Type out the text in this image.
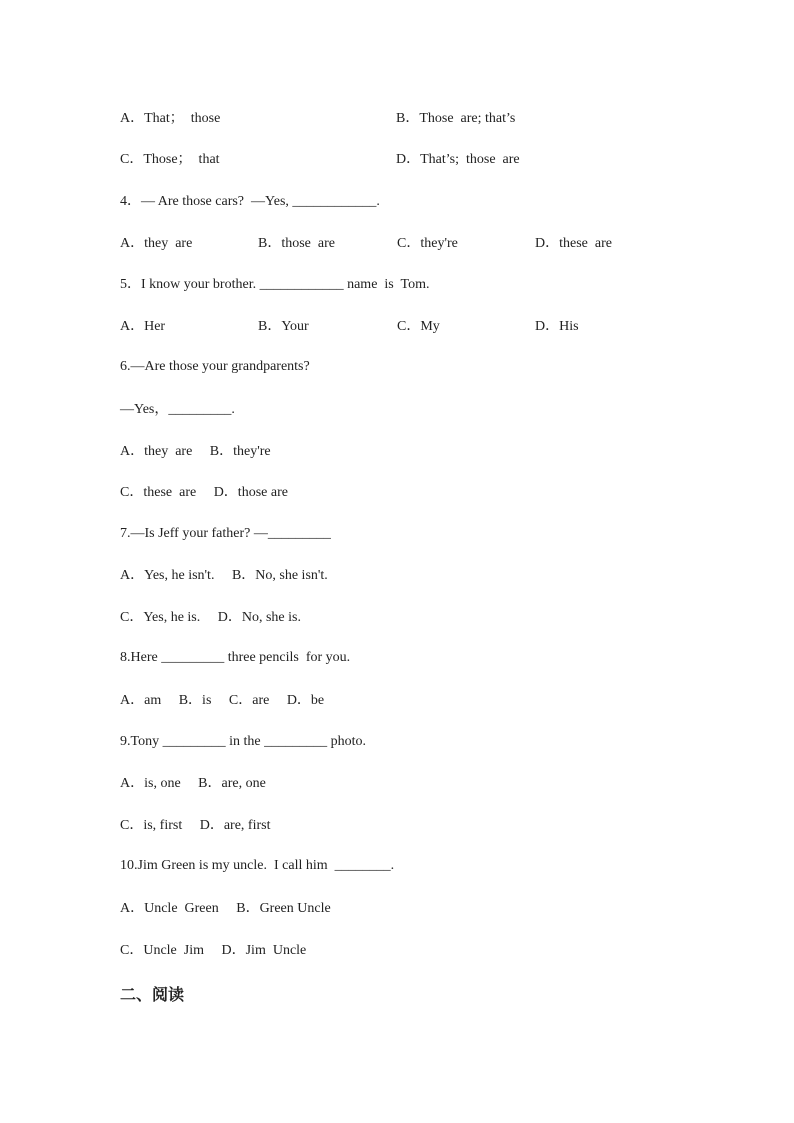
A．That；  those	B．Those  are; that’s
C．Those；  that	D．That’s;  those  are
4．— Are those cars?  —Yes, ____________.
A．they  are	B．those  are	C．they're	D．these  are
5．I know your brother. ____________ name  is  Tom.
A．Her	B．Your	C．My	D．His
6.—Are those your grandparents?
—Yes，_________.
A．they  are     B．they're
C．these  are     D．those are
7.—Is Jeff your father? —_________
A．Yes, he isn't.     B．No, she isn't.
C．Yes, he is.     D．No, she is.
8.Here _________ three pencils  for you.
A．am     B．is     C．are     D．be
9.Tony _________ in the _________ photo.
A．is, one     B．are, one
C．is, first     D．are, first
10.Jim Green is my uncle.  I call him  ________.
A．Uncle  Green     B．Green Uncle
C．Uncle  Jim     D．Jim  Uncle
二、阅读
